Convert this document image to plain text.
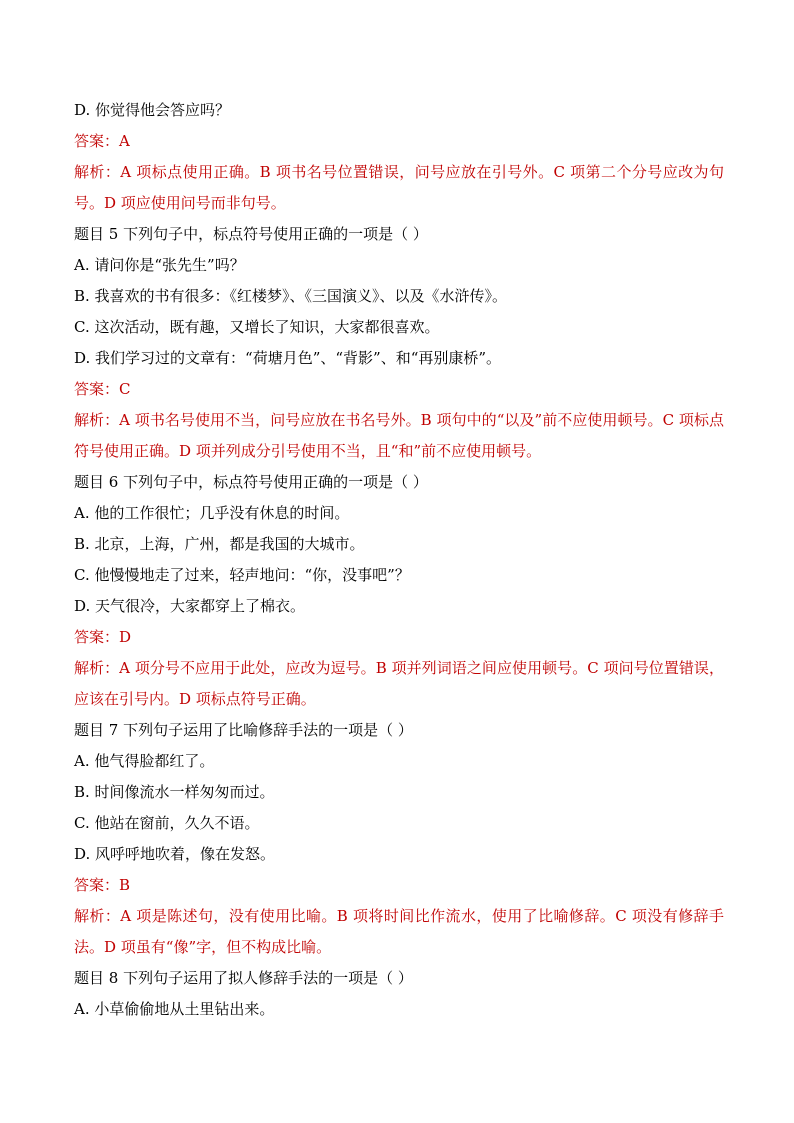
D. 你觉得他会答应吗？
答案：A
解析：A 项标点使用正确。B 项书名号位置错误，问号应放在引号外。C 项第二个分号应改为句号。D 项应使用问号而非句号。
题目 5 下列句子中，标点符号使用正确的一项是（ ）
A. 请问你是“张先生”吗？
B. 我喜欢的书有很多：《红楼梦》、《三国演义》、以及《水浒传》。
C. 这次活动，既有趣，又增长了知识，大家都很喜欢。
D. 我们学习过的文章有：“荷塘月色”、“背影”、和“再别康桥”。
答案：C
解析：A 项书名号使用不当，问号应放在书名号外。B 项句中的“以及”前不应使用顿号。C 项标点符号使用正确。D 项并列成分引号使用不当，且“和”前不应使用顿号。
题目 6 下列句子中，标点符号使用正确的一项是（ ）
A. 他的工作很忙；几乎没有休息的时间。
B. 北京，上海，广州，都是我国的大城市。
C. 他慢慢地走了过来，轻声地问：“你，没事吧”？
D. 天气很冷，大家都穿上了棉衣。
答案：D
解析：A 项分号不应用于此处，应改为逗号。B 项并列词语之间应使用顿号。C 项问号位置错误，应该在引号内。D 项标点符号正确。
题目 7 下列句子运用了比喻修辞手法的一项是（ ）
A. 他气得脸都红了。
B. 时间像流水一样匆匆而过。
C. 他站在窗前，久久不语。
D. 风呼呼地吹着，像在发怒。
答案：B
解析：A 项是陈述句，没有使用比喻。B 项将时间比作流水，使用了比喻修辞。C 项没有修辞手法。D 项虽有“像”字，但不构成比喻。
题目 8 下列句子运用了拟人修辞手法的一项是（ ）
A. 小草偷偷地从土里钻出来。
